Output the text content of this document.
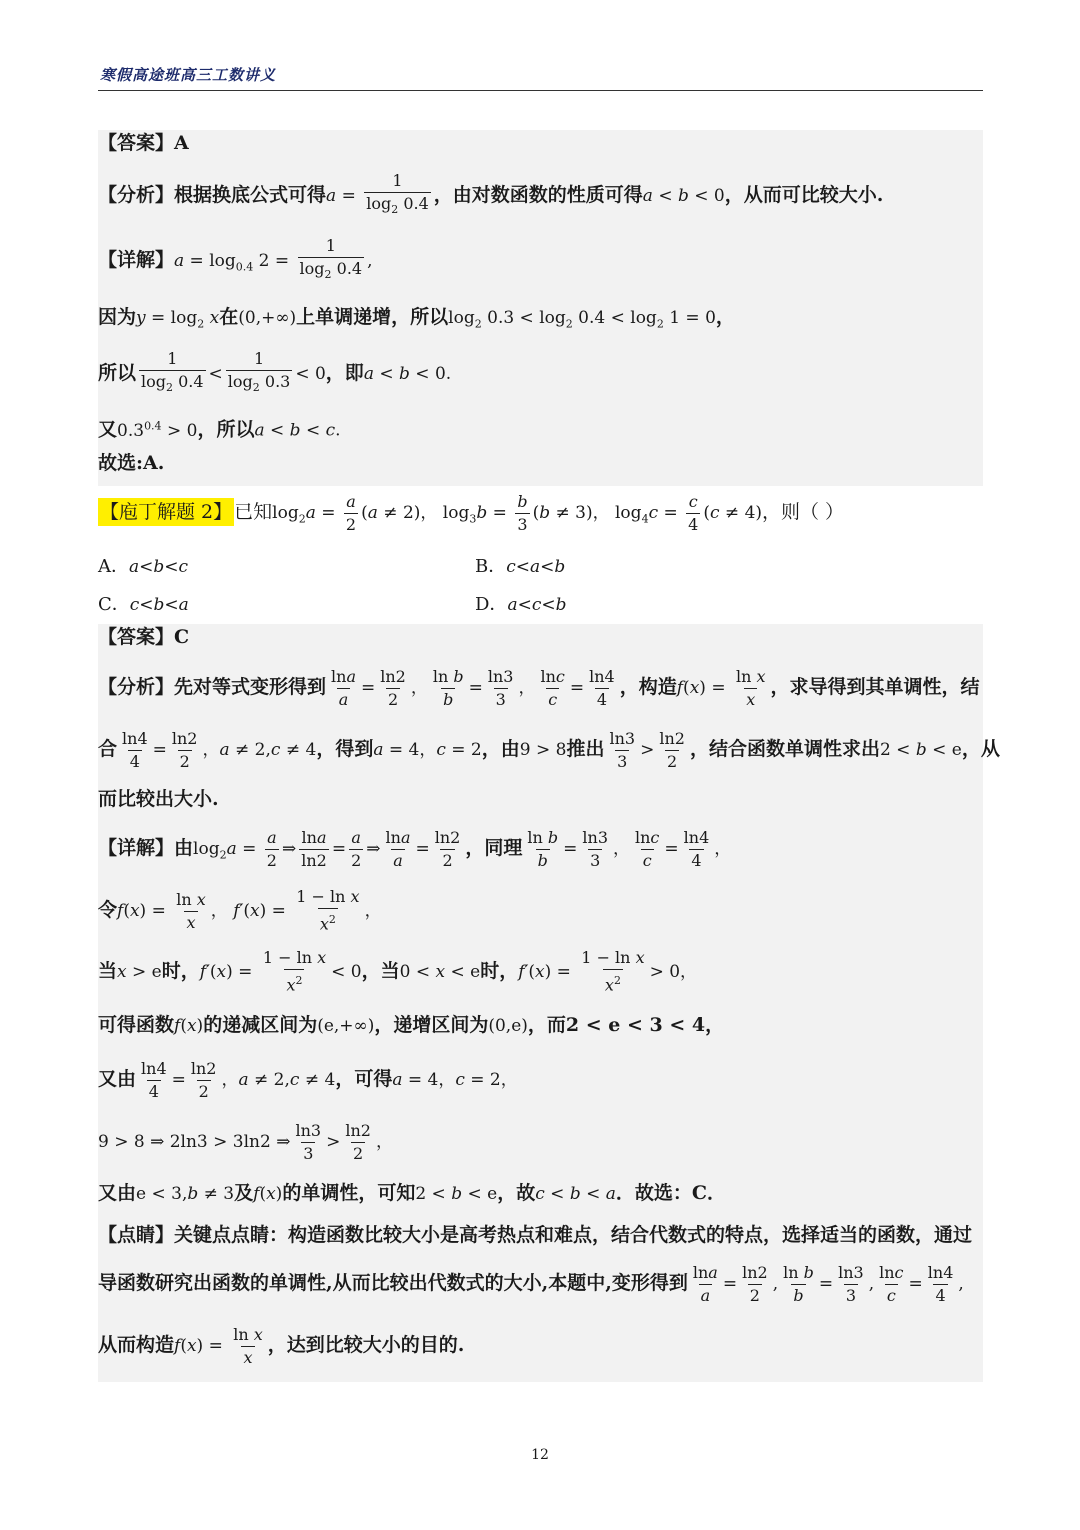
寒假高途班高三工数讲义
【答案】A
【分析】根据换底公式可得$a = \frac{1}{\log_2 0.4}$ ，由对数函数的性质可得a < b < 0，从而可比较大小.
【详解】$a = \log_{0.4} 2 = \frac{1}{\log_2 0.4}$ ,
因为$y = \log_2 x$在(0,+∞)上单调递增，所以$\log_2 0.3 < \log_2 0.4 < \log_2 1 = 0$，
所以 $\frac{1}{\log_2 0.4} < \frac{1}{\log_2 0.3} < 0$，即a < b < 0.
又$0.3^{0.4} > 0$，所以a < b < c.
故选:A.
【庖丁解题 2】 已知$\log_2a = \frac{a}{2} (a \ne 2)$， $\log_3b = \frac{b}{3} (b \ne 3)$， $\log_4c = \frac{c}{4} (c \ne 4)$，则（ ）
A．a<b<c	B．c<a<b
C．c<b<a	D．a<c<b
【答案】C
【分析】先对等式变形得到 $\frac{\ln a}{a} = \frac{\ln 2}{2}$ ， $\frac{\text{ln b}}{b} = \frac{\ln 3}{3}$ ， $\frac{\ln c}{c} = \frac{\ln 4}{4}$ ，构造$f(x) = \frac{\text{ln x}}{x}$ ，求导得到其单调性，结
合 $\frac{\ln 4}{4} = \frac{\ln 2}{2}$ ，a ≠ 2,c ≠ 4，得到a = 4，c = 2，由9 > 8推出 $\frac{\ln 3}{3} > \frac{\ln 2}{2}$ ，结合函数单调性求出2 < b < e，从
而比较出大小.
【详解】由$\log_2a = \frac{a}{2}$ ⇒ $\frac{\ln a}{\ln 2} = \frac{a}{2}$ ⇒ $\frac{\ln a}{a} = \frac{\ln 2}{2}$ ，同理 $\frac{\text{ln b}}{b} = \frac{\ln 3}{3}$ ， $\frac{\ln c}{c} = \frac{\ln 4}{4}$ ，
令$f(x) = \frac{\text{ln x}}{x}$ ， $f'(x) = \frac{\text{1 − ln x}}{x^2}$ ，
当x > e时，$f'(x) = \frac{\text{1 − ln x}}{x^2} < 0$，当0 < x < e时，$f'(x) = \frac{\text{1 − ln x}}{x^2} > 0$，
可得函数f(x)的递减区间为(e,+∞)，递增区间为(0,e)，而2 < e < 3 < 4，
又由 $\frac{\ln 4}{4} = \frac{\ln 2}{2}$ ，a ≠ 2,c ≠ 4，可得a = 4，c = 2，
9 > 8 ⇒ 2ln3 > 3ln2 ⇒ $\frac{\ln 3}{3} > \frac{\ln 2}{2}$ ，
又由e < 3,b ≠ 3及f(x)的单调性，可知2 < b < e，故c < b < a．故选：C．
【点睛】关键点点睛：构造函数比较大小是高考热点和难点，结合代数式的特点，选择适当的函数，通过
导函数研究出函数的单调性,从而比较出代数式的大小,本题中,变形得到 $\frac{\ln a}{a} = \frac{\ln 2}{2}$ , $\frac{\text{ln b}}{b} = \frac{\ln 3}{3}$ , $\frac{\ln c}{c} = \frac{\ln 4}{4}$ ,
从而构造$f(x) = \frac{\text{ln x}}{x}$ ，达到比较大小的目的.
12
